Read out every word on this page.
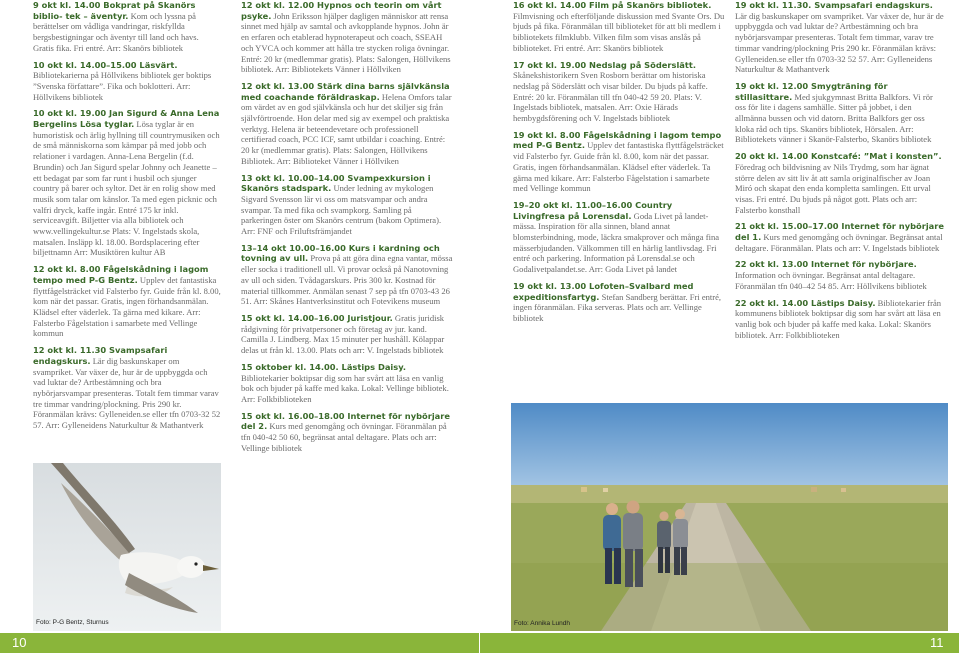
9 okt kl. 14.00 Bokprat på Skanörs biblio- tek – äventyr. Kom och lyssna på berättelser om vådliga vandringar, riskfyllda bergsbestigningar och äventyr till land och havs. Gratis fika. Fri entré. Arr: Skanörs bibliotek

10 okt kl. 14.00–15.00 Läsvärt. Bibliotekarierna på Höllvikens bibliotek ger boktips ”Svenska författare”. Fika och boklotteri. Arr: Höllvikens bibliotek

10 okt kl. 19.00 Jan Sigurd & Anna Lena Bergelins Lösa tyglar. Lösa tyglar är en humoristisk och ärlig hyllning till countrymusiken och de små människorna som kämpar på med jobb och relationer i vardagen. Anna-Lena Bergelin (f.d. Brundin) och Jan Sigurd spelar Johnny och Jeanette – ett bedagat par som far runt i husbil och sjunger country på barer och syltor. Det är en rolig show med musik som talar om känslor. Ta med egen picknic och valfri dryck, kaffe ingår. Entré 175 kr inkl. serviceavgift. Biljetter via alla bibliotek och www.vellingekultur.se Plats: V. Ingelstads skola, matsalen. Insläpp kl. 18.00. Bordsplacering efter biljettnamn Arr: Musiktören kultur AB

12 okt kl. 8.00 Fågelskådning i lagom tempo med P-G Bentz. Upplev det fantastiska flyttfågelsträcket vid Falsterbo fyr. Guide från kl. 8.00, kom när det passar. Gratis, ingen förhandsanmälan. Klädsel efter väderlek. Ta gärna med kikare. Arr: Falsterbo Fågelstation i samarbete med Vellinge kommun

12 okt kl. 11.30 Svampsafari endagskurs. Lär dig baskunskaper om svampriket. Var växer de, hur är de uppbyggda och vad luktar de? Artbestämning och bra nybörjarsvampar presenteras. Totalt fem timmar varav tre timmar vandring/plockning. Pris 290 kr. Föranmälan krävs: Gylleneiden.se eller tfn 0703-32 52 57. Arr: Gylleneidens Naturkultur & Mathantverk

Foto: P-G Bentz, Sturnus

12 okt kl. 12.00 Hypnos och teorin om vårt psyke. John Eriksson hjälper dagligen människor att rensa sinnet med hjälp av samtal och avkopplande hypnos. John är en erfaren och etablerad hypnoterapeut och coach, SSEAH och YVCA och kommer att hålla tre stycken roliga övningar. Entré: 20 kr (medlemmar gratis). Plats: Salongen, Höllvikens bibliotek. Arr: Bibliotekets Vänner i Höllviken

12 okt kl. 13.00 Stärk dina barns självkänsla med coachande föräldraskap. Helena Omfors talar om värdet av en god självkänsla och hur det skiljer sig från självförtroende. Hon delar med sig av exempel och praktiska verktyg. Helena är beteendevetare och professionell certifierad coach, PCC ICF, samt utbildar i coaching. Entré: 20 kr (medlemmar gratis). Plats: Salongen, Höllvikens Bibliotek. Arr: Biblioteket Vänner i Höllviken

13 okt kl. 10.00–14.00 Svampexkursion i Skanörs stadspark. Under ledning av mykologen Sigvard Svensson lär vi oss om matsvampar och andra svampar. Ta med fika och svampkorg. Samling på parkeringen öster om Skanörs centrum (bakom Optimera). Arr: FNF och Friluftsfrämjandet

13–14 okt 10.00–16.00 Kurs i kardning och tovning av ull. Prova på att göra dina egna vantar, mössa eller socka i traditionell ull. Vi provar också på Nanotovning av ull och siden. Tvådagarskurs. Pris 300 kr. Kostnad för material tillkommer. Anmälan senast 7 sep på tfn 0703-43 26 51. Arr: Skånes Hantverksinstitut och Fotevikens museum

15 okt kl. 14.00–16.00 Juristjour. Gratis juridisk rådgivning för privatpersoner och företag av jur. kand. Camilla J. Lindberg. Max 15 minuter per hushåll. Kölappar delas ut från kl. 13.00. Plats och arr: V. Ingelstads bibliotek

15 oktober kl. 14.00. Lästips Daisy. Bibliotekarier boktipsar dig som har svårt att läsa en vanlig bok och bjuder på kaffe med kaka. Lokal: Vellinge bibliotek. Arr: Folkbiblioteken

15 okt kl. 16.00–18.00 Internet för nybörjare del 2. Kurs med genomgång och övningar. Föranmälan på tfn 040-42 50 60, begränsat antal deltagare. Plats och arr: Vellinge bibliotek

16 okt kl. 14.00 Film på Skanörs bibliotek. Filmvisning och efterföljande diskussion med Svante Ors. Du bjuds på fika. Föranmälan till biblioteket för att bli medlem i bibliotekets filmklubb. Vilken film som visas anslås på biblioteket. Fri entré. Arr: Skanörs bibliotek

17 okt kl. 19.00 Nedslag på Söderslätt. Skånekshistorikern Sven Rosborn berättar om historiska nedslag på Söderslätt och visar bilder. Du bjuds på kaffe. Entré: 20 kr. Föranmälan till tfn 040-42 59 20. Plats: V. Ingelstads bibliotek, matsalen. Arr: Oxie Härads hembygdsförening och V. Ingelstads bibliotek

19 okt kl. 8.00 Fågelskådning i lagom tempo med P-G Bentz. Upplev det fantastiska flyttfågelsträcket vid Falsterbo fyr. Guide från kl. 8.00, kom när det passar. Gratis, ingen förhandsanmälan. Klädsel efter väderlek. Ta gärna med kikare. Arr: Falsterbo Fågelstation i samarbete med Vellinge kommun

19–20 okt kl. 11.00–16.00 Country Livingfresa på Lorensdal. Goda Livet på landet-mässa. Inspiration för alla sinnen, bland annat blomsterbindning, mode, läckra smakprover och många fina mässerbjudanden. Välkommen till en härlig lantlivsdag. Fri entré och parkering. Information på Lorensdal.se och Godalivetpalandet.se. Arr: Goda Livet på landet

19 okt kl. 13.00 Lofoten–Svalbard med expeditionsfartyg. Stefan Sandberg berättar. Fri entré, ingen föranmälan. Fika serveras. Plats och arr. Vellinge bibliotek

19 okt kl. 11.30. Svampsafari endagskurs. Lär dig baskunskaper om svampriket. Var växer de, hur är de uppbyggda och vad luktar de? Artbestämning och bra nybörjarsvampar presenteras. Totalt fem timmar, varav tre timmar vandring/plockning Pris 290 kr. Föranmälan krävs: Gylleneiden.se eller tfn 0703-32 52 57. Arr: Gylleneidens Naturkultur & Mathantverk

19 okt kl. 12.00 Smygträning för stillasittare. Med sjukgymnast Britta Balkfors. Vi rör oss för lite i dagens samhälle. Sitter på jobbet, i den allmänna bussen och vid datorn. Britta Balkfors ger oss kloka råd och tips. Skanörs bibliotek, Hörsalen. Arr: Bibliotekets vänner i Skanör-Falsterbo, Skanörs bibliotek

20 okt kl. 14.00 Konstcafé: ”Mat i konsten”. Föredrag och bildvisning av Nils Trydmg, som har ägnat större delen av sitt liv åt att samla originalfischer av Joan Miró och skapat den enda kompletta samlingen. Ett urval visas. Fri entré. Du bjuds på något gott. Plats och arr: Falsterbo konsthall

21 okt kl. 15.00–17.00 Internet för nybörjare del 1. Kurs med genomgång och övningar. Begränsat antal deltagare. Föranmälan. Plats och arr: V. Ingelstads bibliotek

22 okt kl. 13.00 Internet för nybörjare. Information och övningar. Begränsat antal deltagare. Föranmälan tfn 040–42 54 85. Arr: Höllvikens bibliotek

22 okt kl. 14.00 Lästips Daisy. Bibliotekarier från kommunens bibliotek boktipsar dig som har svårt att läsa en vanlig bok och bjuder på kaffe med kaka. Lokal: Skanörs bibliotek. Arr: Folkbiblioteken

Foto: Annika Lundh
10	11
